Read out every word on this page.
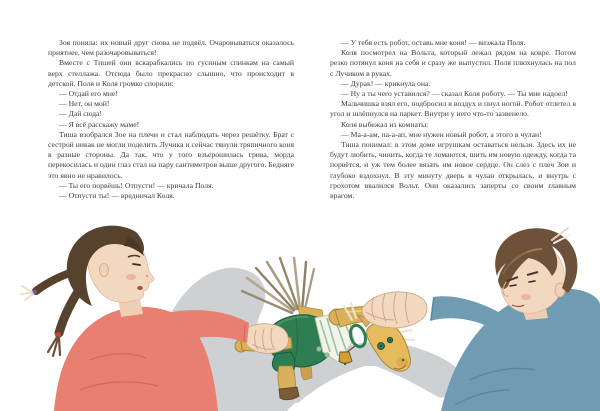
Зоя поняла: их новый друг снова не подвёл. Очаровываться оказалось приятнее, чем разочаровываться!

Вместе с Тишей они вскарабкались по гусиным спинкам на самый верх стеллажа. Отсюда было прекрасно слышно, что происходит в детской. Поля и Коля громко спорили:

— Отдай его мне!

— Нет, он мой!

— Дай сюда!

— Я всё расскажу маме!

Тиша взобрался Зое на плечи и стал наблюдать через решётку. Брат с сестрой никак не могли поделить Лучика и сейчас тянули тряпичного коня в разные стороны. Да так, что у того взъерошилась грива, морда перекосилась и один глаз стал на пару сантиметров выше другого. Бедняге это явно не нравилось.

— Ты его порвёшь! Отпусти! — кричала Поля.

— Отпусти ты! — вредничал Коля.

— У тебя есть робот, оставь мне коня! — визжала Поля.

Коля посмотрел на Вольта, который лежал рядом на ковре. Потом резко потянул коня на себя и сразу же выпустил. Поля плюхнулась на пол с Лучиком в руках.

— Дурак! — крикнула она.

— Ну а ты чего уставился? — сказал Коля роботу. — Ты мне надоел!

Мальчишка взял его, подбросил в воздух и пнул ногой. Робот отлетел в угол и шлёпнулся на паркет. Внутри у него что-то зазвенело.

Коля выбежал из комнаты:

— Ма-а-ам, па-а-ап, мне нужен новый робот, а этого в чулан!

Тиша понимал: в этом доме игрушкам оставаться нельзя. Здесь их не будут любить, чинить, когда те ломаются, шить им новую одежду, когда та порвётся, и уж тем более вязать им новое сердце. Он слез с плеч Зои и глубоко вздохнул. В эту минуту дверь в чулан открылась, и внутрь с грохотом ввалился Вольт. Они оказались заперты со своим главным врагом.
